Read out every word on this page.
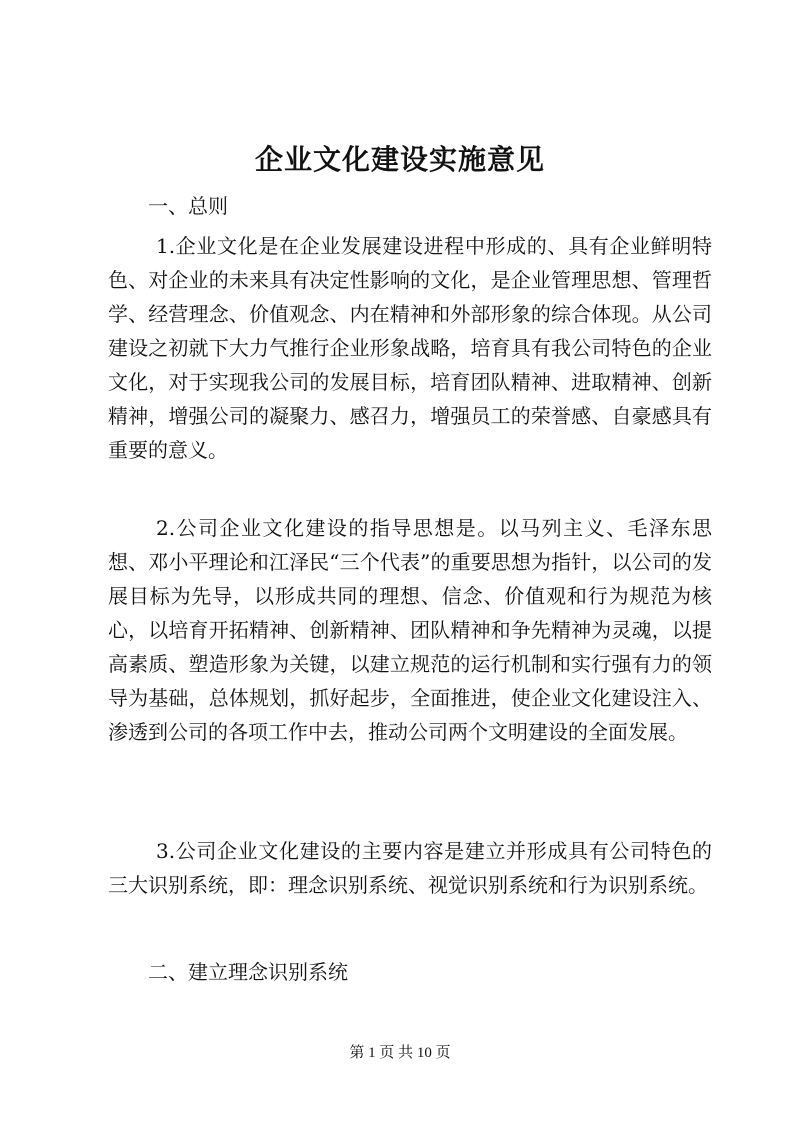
企业文化建设实施意见

一、总则

1.企业文化是在企业发展建设进程中形成的、具有企业鲜明特色、对企业的未来具有决定性影响的文化，是企业管理思想、管理哲学、经营理念、价值观念、内在精神和外部形象的综合体现。从公司建设之初就下大力气推行企业形象战略，培育具有我公司特色的企业文化，对于实现我公司的发展目标，培育团队精神、进取精神、创新精神，增强公司的凝聚力、感召力，增强员工的荣誉感、自豪感具有重要的意义。

2.公司企业文化建设的指导思想是。以马列主义、毛泽东思想、邓小平理论和江泽民“三个代表”的重要思想为指针，以公司的发展目标为先导，以形成共同的理想、信念、价值观和行为规范为核心，以培育开拓精神、创新精神、团队精神和争先精神为灵魂，以提高素质、塑造形象为关键，以建立规范的运行机制和实行强有力的领导为基础，总体规划，抓好起步，全面推进，使企业文化建设注入、渗透到公司的各项工作中去，推动公司两个文明建设的全面发展。

3.公司企业文化建设的主要内容是建立并形成具有公司特色的三大识别系统，即：理念识别系统、视觉识别系统和行为识别系统。

二、建立理念识别系统

第 1 页 共 10 页
